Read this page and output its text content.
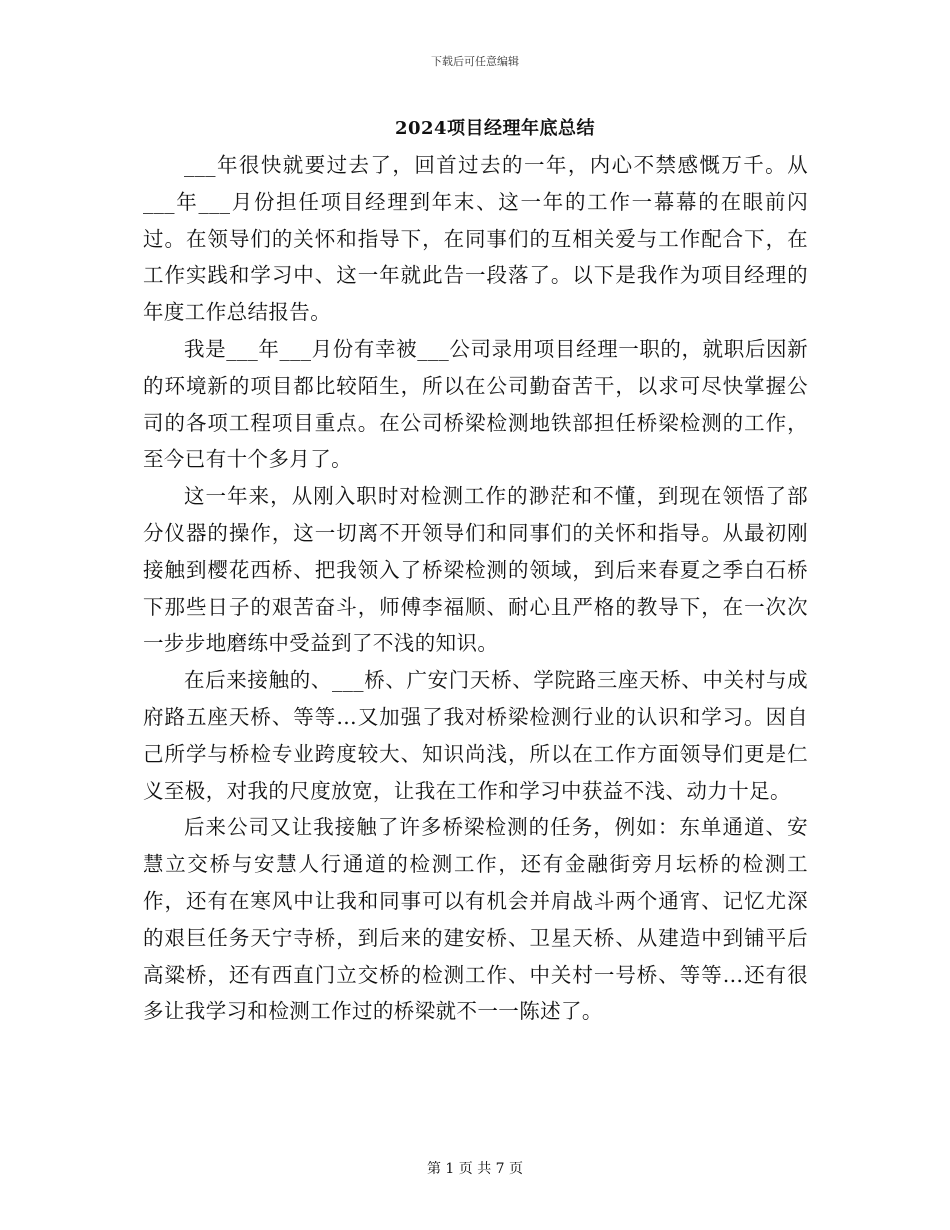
下载后可任意编辑
2024项目经理年底总结

___年很快就要过去了，回首过去的一年，内心不禁感慨万千。从___年___月份担任项目经理到年末、这一年的工作一幕幕的在眼前闪过。在领导们的关怀和指导下，在同事们的互相关爱与工作配合下，在工作实践和学习中、这一年就此告一段落了。以下是我作为项目经理的年度工作总结报告。

我是___年___月份有幸被___公司录用项目经理一职的，就职后因新的环境新的项目都比较陌生，所以在公司勤奋苦干，以求可尽快掌握公司的各项工程项目重点。在公司桥梁检测地铁部担任桥梁检测的工作，至今已有十个多月了。

这一年来，从刚入职时对检测工作的渺茫和不懂，到现在领悟了部分仪器的操作，这一切离不开领导们和同事们的关怀和指导。从最初刚接触到樱花西桥、把我领入了桥梁检测的领域，到后来春夏之季白石桥下那些日子的艰苦奋斗，师傅李福顺、耐心且严格的教导下，在一次次一步步地磨练中受益到了不浅的知识。

在后来接触的、___桥、广安门天桥、学院路三座天桥、中关村与成府路五座天桥、等等…又加强了我对桥梁检测行业的认识和学习。因自己所学与桥检专业跨度较大、知识尚浅，所以在工作方面领导们更是仁义至极，对我的尺度放宽，让我在工作和学习中获益不浅、动力十足。

后来公司又让我接触了许多桥梁检测的任务，例如：东单通道、安慧立交桥与安慧人行通道的检测工作，还有金融街旁月坛桥的检测工作，还有在寒风中让我和同事可以有机会并肩战斗两个通宵、记忆尤深的艰巨任务天宁寺桥，到后来的建安桥、卫星天桥、从建造中到铺平后高粱桥，还有西直门立交桥的检测工作、中关村一号桥、等等…还有很多让我学习和检测工作过的桥梁就不一一陈述了。

第 1 页 共 7 页
